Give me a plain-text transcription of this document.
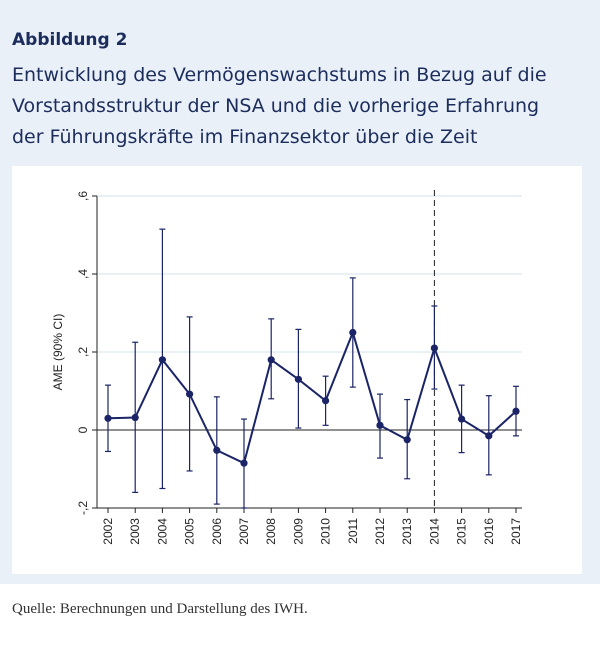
Abbildung 2
Entwicklung des Vermögenswachstums in Bezug auf die
Vorstandsstruktur der NSA und die vorherige Erfahrung
der Führungskräfte im Finanzsektor über die Zeit
-,2
0
,2
,4
,6
AME (90% CI)
2002 2003 2004 2005 2006 2007 2008 2009 2010 2011 2012 2013 2014 2015 2016 2017
Quelle: Berechnungen und Darstellung des IWH.
